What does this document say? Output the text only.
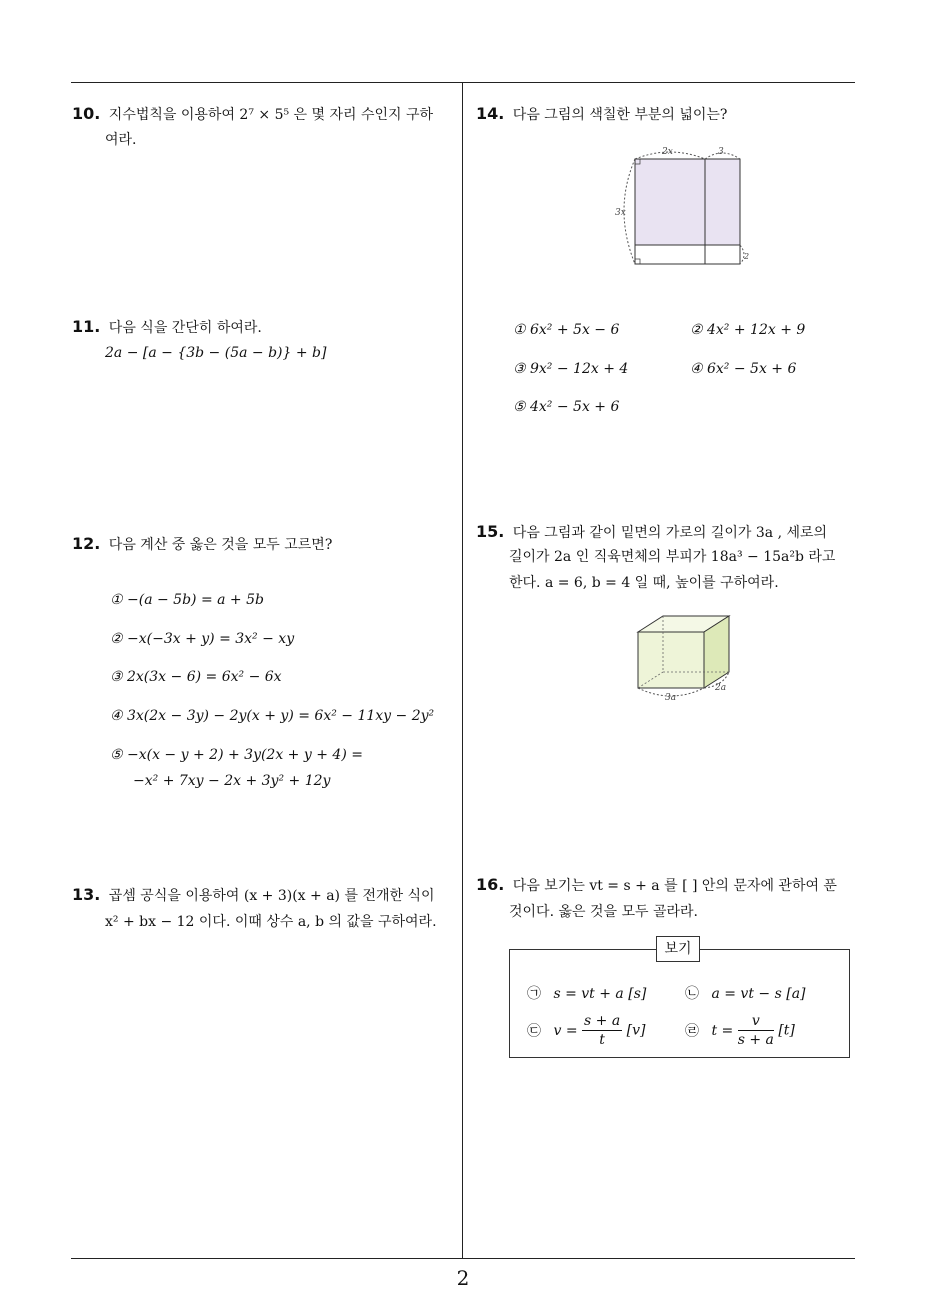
10. 지수법칙을 이용하여 2⁷ × 5⁵ 은 몇 자리 수인지 구하
여라.
11. 다음 식을 간단히 하여라.
2a − [a − {3b − (5a − b)} + b]
12. 다음 계산 중 옳은 것을 모두 고르면?
① −(a − 5b) = a + 5b
② −x(−3x + y) = 3x² − xy
③ 2x(3x − 6) = 6x² − 6x
④ 3x(2x − 3y) − 2y(x + y) = 6x² − 11xy − 2y²
⑤ −x(x − y + 2) + 3y(2x + y + 4) =
−x² + 7xy − 2x + 3y² + 12y
13. 곱셈 공식을 이용하여 (x + 3)(x + a) 를 전개한 식이
x² + bx − 12 이다. 이때 상수 a, b 의 값을 구하여라.
14. 다음 그림의 색칠한 부분의 넓이는?
2x	3
3x
2
① 6x² + 5x − 6	② 4x² + 12x + 9
③ 9x² − 12x + 4	④ 6x² − 5x + 6
⑤ 4x² − 5x + 6
15. 다음 그림과 같이 밑면의 가로의 길이가 3a , 세로의
길이가 2a 인 직육면체의 부피가 18a³ − 15a²b 라고
한다. a = 6, b = 4 일 때, 높이를 구하여라.
3a
2a
16. 다음 보기는 vt = s + a 를 [ ] 안의 문자에 관하여 푼
것이다. 옳은 것을 모두 골라라.
보기
㉠ s = vt + a [s]	㉡ a = vt − s [a]
㉢ $v = \frac{s + a}{t} [v]$	㉣ $t = \frac{v}{s + a} [t]$
2
